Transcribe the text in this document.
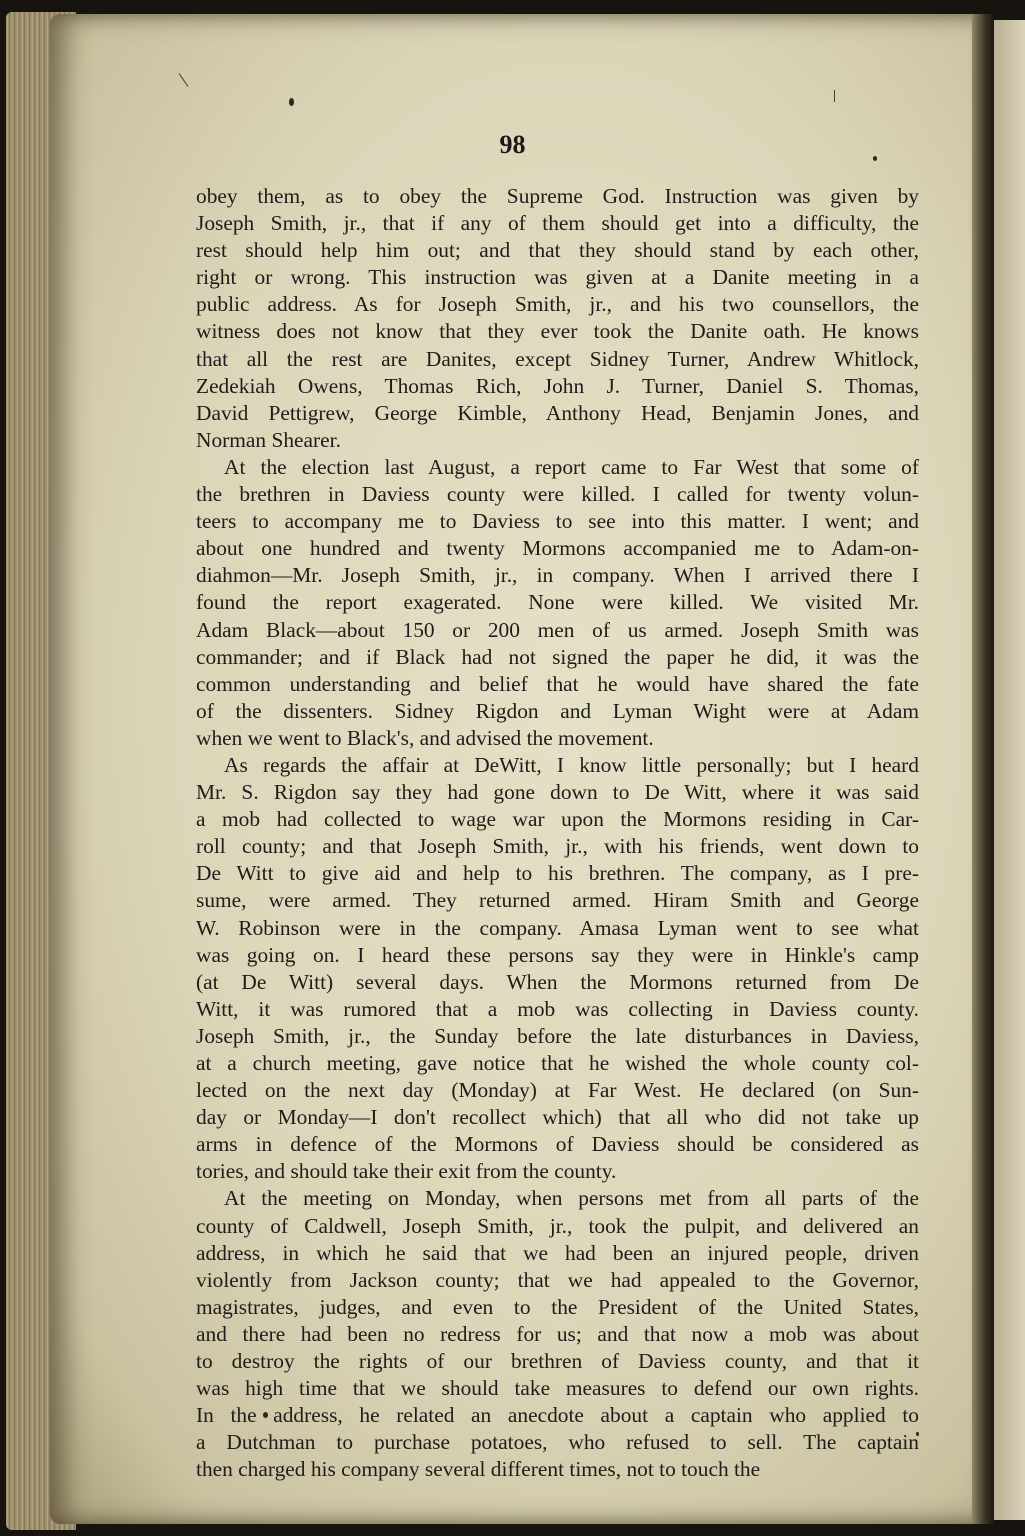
98
obey them, as to obey the Supreme God. Instruction was given by
Joseph Smith, jr., that if any of them should get into a difficulty, the
rest should help him out; and that they should stand by each other,
right or wrong. This instruction was given at a Danite meeting in a
public address. As for Joseph Smith, jr., and his two counsellors, the
witness does not know that they ever took the Danite oath. He knows
that all the rest are Danites, except Sidney Turner, Andrew Whitlock,
Zedekiah Owens, Thomas Rich, John J. Turner, Daniel S. Thomas,
David Pettigrew, George Kimble, Anthony Head, Benjamin Jones, and
Norman Shearer.
At the election last August, a report came to Far West that some of
the brethren in Daviess county were killed. I called for twenty volun-
teers to accompany me to Daviess to see into this matter. I went; and
about one hundred and twenty Mormons accompanied me to Adam-on-
diahmon—Mr. Joseph Smith, jr., in company. When I arrived there I
found the report exagerated. None were killed. We visited Mr.
Adam Black—about 150 or 200 men of us armed. Joseph Smith was
commander; and if Black had not signed the paper he did, it was the
common understanding and belief that he would have shared the fate
of the dissenters. Sidney Rigdon and Lyman Wight were at Adam
when we went to Black's, and advised the movement.
As regards the affair at DeWitt, I know little personally; but I heard
Mr. S. Rigdon say they had gone down to De Witt, where it was said
a mob had collected to wage war upon the Mormons residing in Car-
roll county; and that Joseph Smith, jr., with his friends, went down to
De Witt to give aid and help to his brethren. The company, as I pre-
sume, were armed. They returned armed. Hiram Smith and George
W. Robinson were in the company. Amasa Lyman went to see what
was going on. I heard these persons say they were in Hinkle's camp
(at De Witt) several days. When the Mormons returned from De
Witt, it was rumored that a mob was collecting in Daviess county.
Joseph Smith, jr., the Sunday before the late disturbances in Daviess,
at a church meeting, gave notice that he wished the whole county col-
lected on the next day (Monday) at Far West. He declared (on Sun-
day or Monday—I don't recollect which) that all who did not take up
arms in defence of the Mormons of Daviess should be considered as
tories, and should take their exit from the county.
At the meeting on Monday, when persons met from all parts of the
county of Caldwell, Joseph Smith, jr., took the pulpit, and delivered an
address, in which he said that we had been an injured people, driven
violently from Jackson county; that we had appealed to the Governor,
magistrates, judges, and even to the President of the United States,
and there had been no redress for us; and that now a mob was about
to destroy the rights of our brethren of Daviess county, and that it
was high time that we should take measures to defend our own rights.
In the address, he related an anecdote about a captain who applied to
a Dutchman to purchase potatoes, who refused to sell. The captain
then charged his company several different times, not to touch the
